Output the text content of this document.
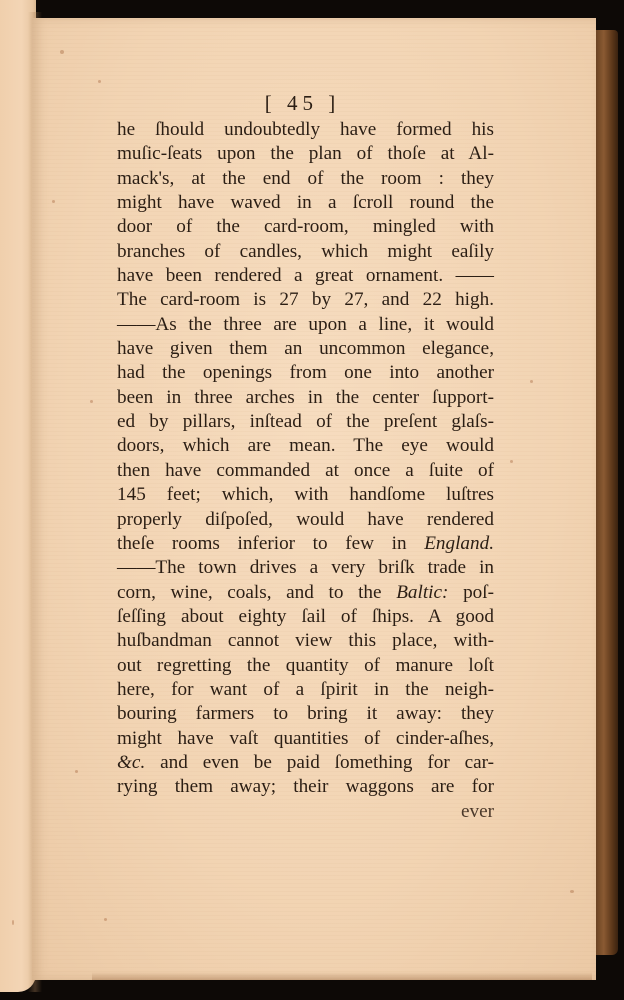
[ 45 ]
he ſhould undoubtedly have formed his
muſic-ſeats upon the plan of thoſe at Al-
mack's, at the end of the room : they
might have waved in a ſcroll round the
door of the card-room, mingled with
branches of candles, which might eaſily
have been rendered a great ornament. ——
The card-room is 27 by 27, and 22 high.
——As the three are upon a line, it would
have given them an uncommon elegance,
had the openings from one into another
been in three arches in the center ſupport-
ed by pillars, inſtead of the preſent glaſs-
doors, which are mean. The eye would
then have commanded at once a ſuite of
145 feet; which, with handſome luſtres
properly diſpoſed, would have rendered
theſe rooms inferior to few in England.
——The town drives a very briſk trade in
corn, wine, coals, and to the Baltic: poſ-
ſeſſing about eighty ſail of ſhips. A good
huſbandman cannot view this place, with-
out regretting the quantity of manure loſt
here, for want of a ſpirit in the neigh-
bouring farmers to bring it away: they
might have vaſt quantities of cinder-aſhes,
&c. and even be paid ſomething for car-
rying them away; their waggons are for
ever
